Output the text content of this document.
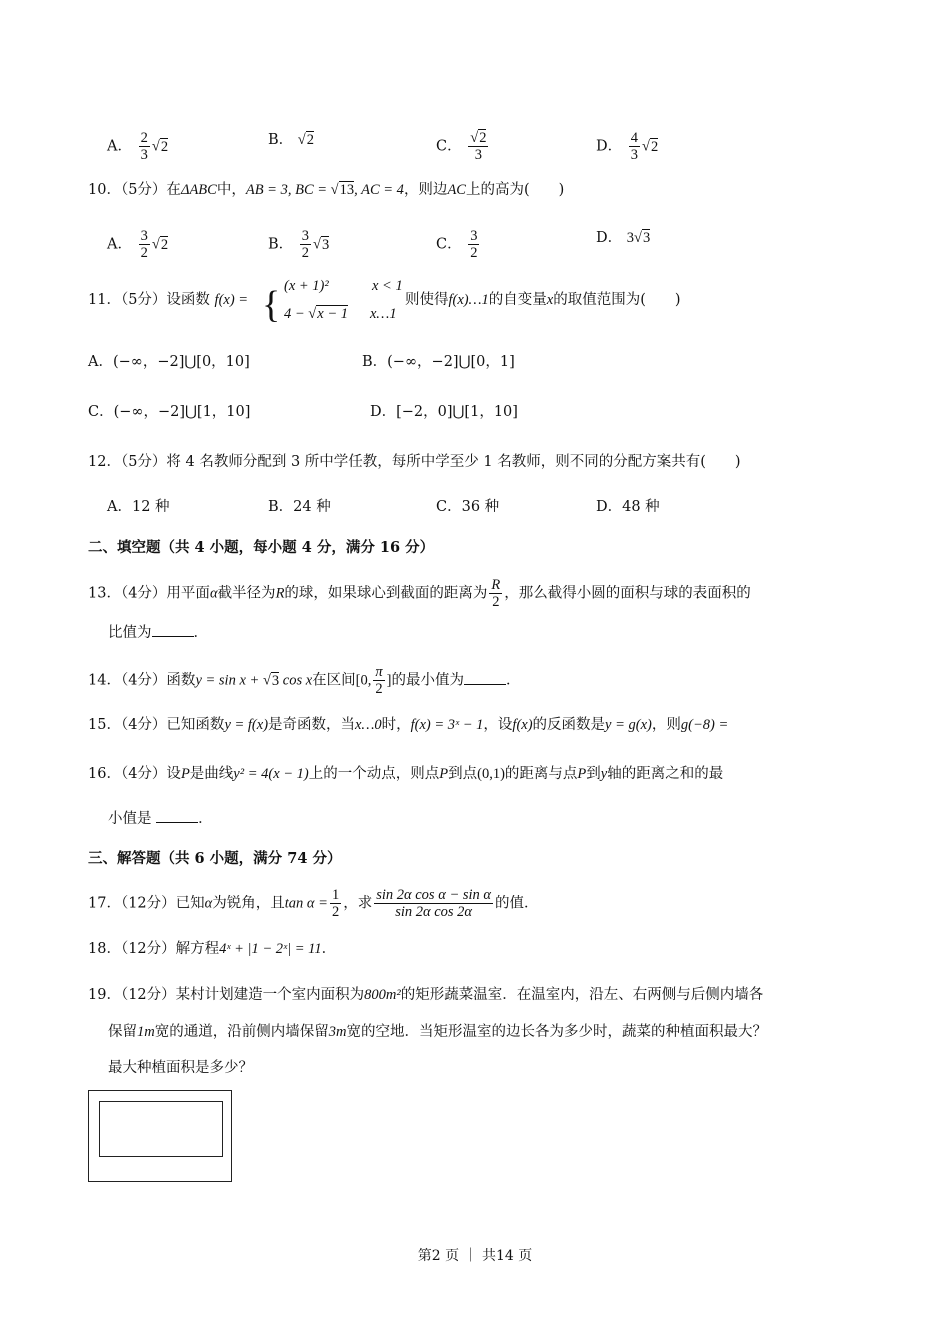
A． $\frac{2}{3} √2$	B． √2	C． $\frac{√2}{3}$	D． $\frac{4}{3} √2$
10．（5分）在ΔABC中，AB = 3, BC = √13, AC = 4，则边AC上的高为(　　)
A． $\frac{3}{2} √2$	B． $\frac{3}{2} √3$	C． $\frac{3}{2}$	D． 3√3
11．（5分）设函数 f(x) = { (x + 1)²	x < 1
4 − √x − 1 x…1
则使得f(x)…1的自变量x的取值范围为(　　)
A．(−∞，−2]⋃[0，10]	B．(−∞，−2]⋃[0，1]
C．(−∞，−2]⋃[1，10]	D．[−2，0]⋃[1，10]
12．（5分）将 4 名教师分配到 3 所中学任教，每所中学至少 1 名教师，则不同的分配方案共有(　　)
A．12 种	B．24 种	C．36 种	D．48 种
二、填空题（共 4 小题，每小题 4 分，满分 16 分）
13．（4分）用平面α截半径为R的球，如果球心到截面的距离为 $\frac{R}{2}$ ，那么截得小圆的面积与球的表面积的
比值为	．
14．（4分）函数y = sin x + √3 cos x在区间[0, $\frac{\pi}{2}$ ]的最小值为	．
15．（4分）已知函数y = f(x)是奇函数，当x…0时，f(x) = 3ˣ − 1，设f(x)的反函数是y = g(x)，则g(−8) =
16．（4分）设P是曲线y² = 4(x − 1)上的一个动点，则点P到点(0,1)的距离与点P到y轴的距离之和的最
小值是	．
三、解答题（共 6 小题，满分 74 分）
17．（12分）已知α为锐角，且$\tan \alpha = \frac{1}{2}$ ，求 $\frac{\text{sin 2α cos α − sin α}}{\text{sin 2α cos 2α}}$ 的值．
18．（12分）解方程4ˣ + |1 − 2ˣ| = 11．
19．（12分）某村计划建造一个室内面积为800m²的矩形蔬菜温室．在温室内，沿左、右两侧与后侧内墙各
保留1m宽的通道，沿前侧内墙保留3m宽的空地．当矩形温室的边长各为多少时，蔬菜的种植面积最大？
最大种植面积是多少？
第2 页 ｜ 共14 页
